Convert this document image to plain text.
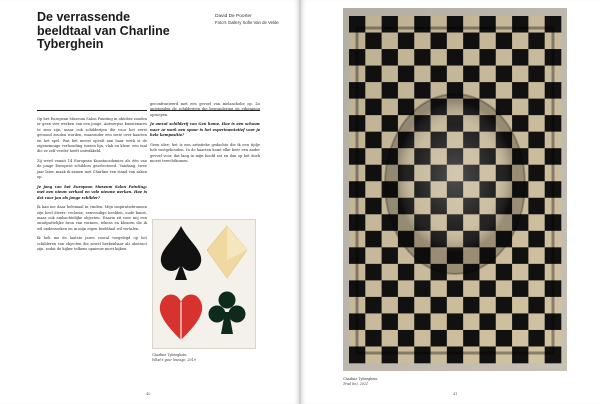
De verrassende beeldtaal van Charline Tyberghein
David De Poorter
Foto's Gallery Sofie Van de Velde

Op het European Museum Salon Painting in oktober zouden er geen vier werken van een jonge, Antwerpse kunstenares te zien zijn, maar ook schilderijen die voor het eerst getoond zouden worden, waaronder een serie over kaarten en het spel. Wat het meest opvalt aan haar werk is de eigenzinnige verhouding tussen lijn, vlak en kleur, een taal die ze zelf verder heeft ontwikkeld.

Zij werd vanuit 14 European Kunstacademies als één van de jonge Europese schilders geselecteerd. Vandaag, twee jaar later, maak ik samen met Charline een stand van zaken op.

Je jong van het European Museum Salon Painting: met een nieuw verhaal en vele nieuwe werken. Hoe is dat voor jou als jonge schilder?

Ik kan me daar helemaal in vinden. Mijn inspiratiebronnen zijn heel divers: reclame, eenvoudige beelden, oude kunst, maar ook ambachtelijke objecten. Daarin zit voor mij een onuitputtelijke bron van vormen, tekens en kleuren die ik wil onderzoeken en in mijn eigen beeldtaal wil vertalen.

Ik heb me de laatste jaren vooral toegelegd op het schilderen van objecten die zowel herkenbaar als abstract zijn, zodat de kijker telkens opnieuw moet kijken.

geconfronteerd met een gevoel van melancholie op. Zo ontstonden de schilderijen die bewondering en erkenning oproepen.

Je omvat schilderij van Gen home. Hoe is een schouw waar ze werk een spoor is het experimentatief voor je hele kompositie?

Geen idee; het is een artistieke gedachte die ik een tijdje heb vastgehouden. In de kaarten komt elke keer een ander gevoel voor, dat lang in mijn hoofd zat en dan op het doek moest terechtkomen.

Charline Tyberghein
What's your lineage, 2019
40
Charline Tyberghein
Trial (in), 2021
41
